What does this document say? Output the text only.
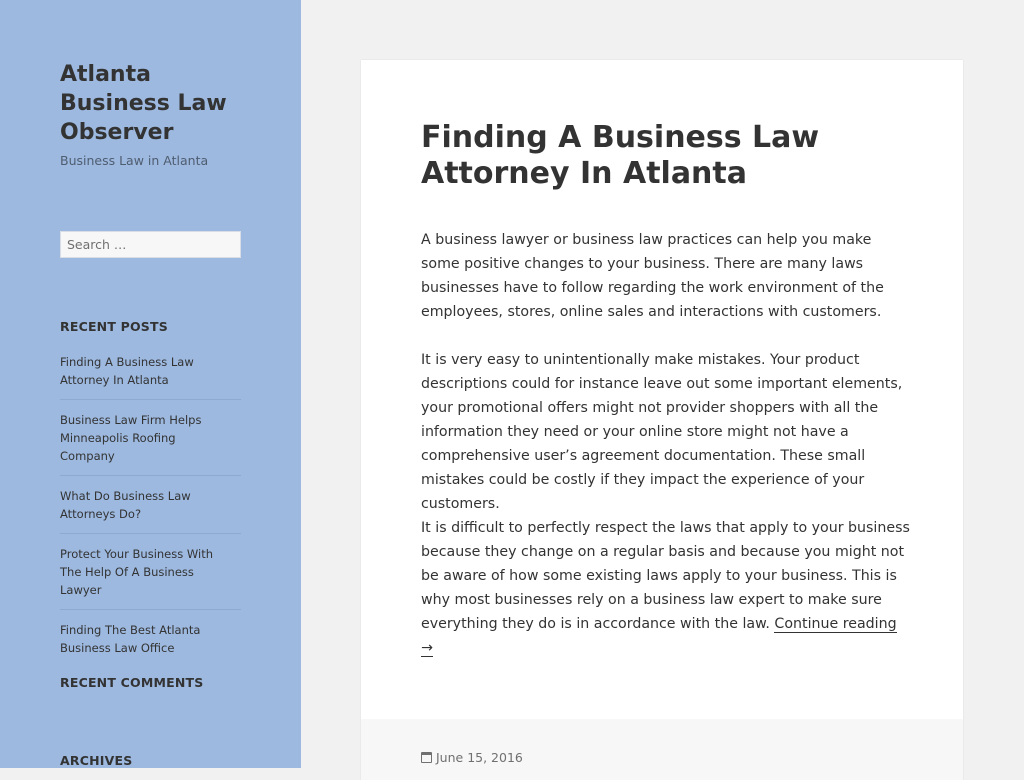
Atlanta Business Law Observer
Business Law in Atlanta
Search …
RECENT POSTS
Finding A Business Law Attorney In Atlanta
Business Law Firm Helps Minneapolis Roofing Company
What Do Business Law Attorneys Do?
Protect Your Business With The Help Of A Business Lawyer
Finding The Best Atlanta Business Law Office
RECENT COMMENTS
ARCHIVES
Finding A Business Law Attorney In Atlanta

A business lawyer or business law practices can help you make some positive changes to your business. There are many laws businesses have to follow regarding the work environment of the employees, stores, online sales and interactions with customers.

It is very easy to unintentionally make mistakes. Your product descriptions could for instance leave out some important elements, your promotional offers might not provider shoppers with all the information they need or your online store might not have a comprehensive user’s agreement documentation. These small mistakes could be costly if they impact the experience of your customers.

It is difficult to perfectly respect the laws that apply to your business because they change on a regular basis and because you might not be aware of how some existing laws apply to your business. This is why most businesses rely on a business law expert to make sure everything they do is in accordance with the law. Continue reading →

June 15, 2016
